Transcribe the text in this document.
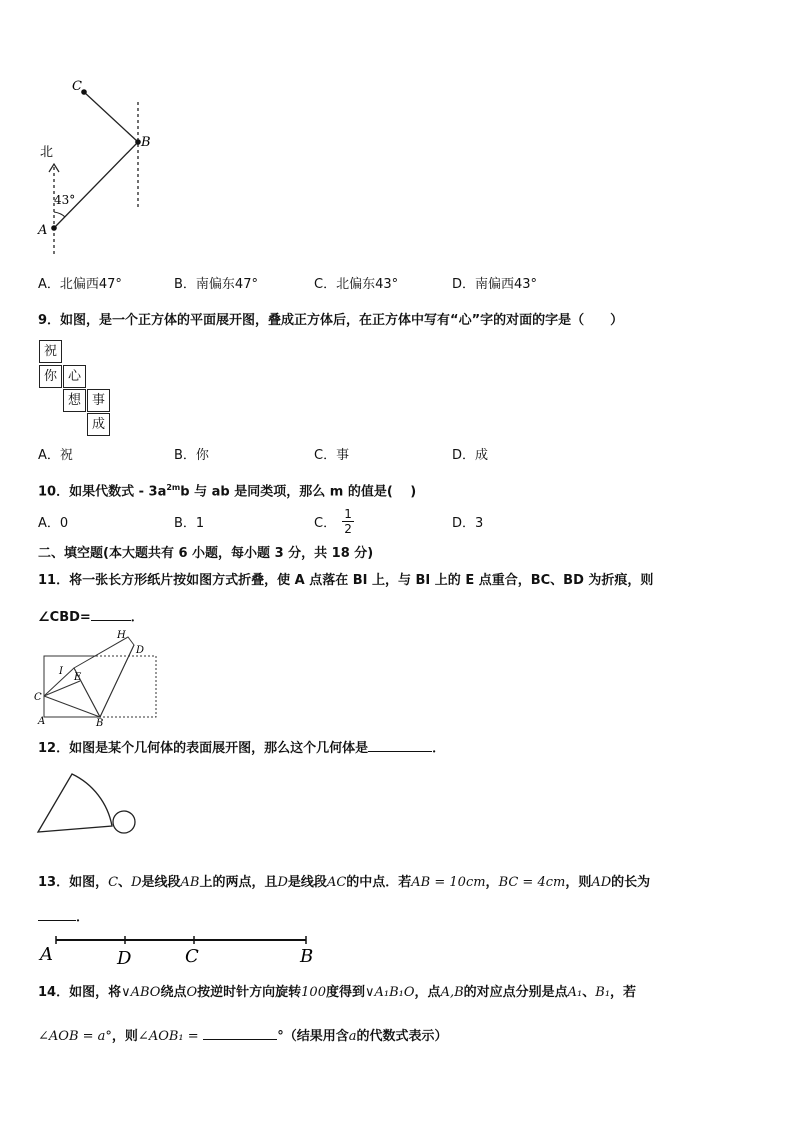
C
B
A
北
43°
A．北偏西47°	B．南偏东47°	C．北偏东43°	D．南偏西43°
9．如图，是一个正方体的平面展开图，叠成正方体后，在正方体中写有“心”字的对面的字是（　　）
祝
你 心
想 事
成
A．祝	B．你	C．事	D．成
10．如果代数式 - $3a^{2m}b$ 与 ab 是同类项，那么 m 的值是(　 )
A．0	B．1	C． $\frac{1}{2}$	D．3
二、填空题(本大题共有 6 小题，每小题 3 分，共 18 分)
11．将一张长方形纸片按如图方式折叠，使 A 点落在 BI 上，与 BI 上的 E 点重合，BC、BD 为折痕，则
∠CBD=	．
H
D
I
E
C
A	B
12．如图是某个几何体的表面展开图，那么这个几何体是	．
13．如图，C、D是线段AB上的两点，且D是线段AC的中点．若AB = 10cm，BC = 4cm，则AD的长为
．
A	D	C	B
14．如图，将∨ABO绕点O按逆时针方向旋转100度得到∨A₁B₁O，点A,B的对应点分别是点A₁、B₁，若
∠AOB = a°，则∠AOB₁ =	°（结果用含a的代数式表示）
